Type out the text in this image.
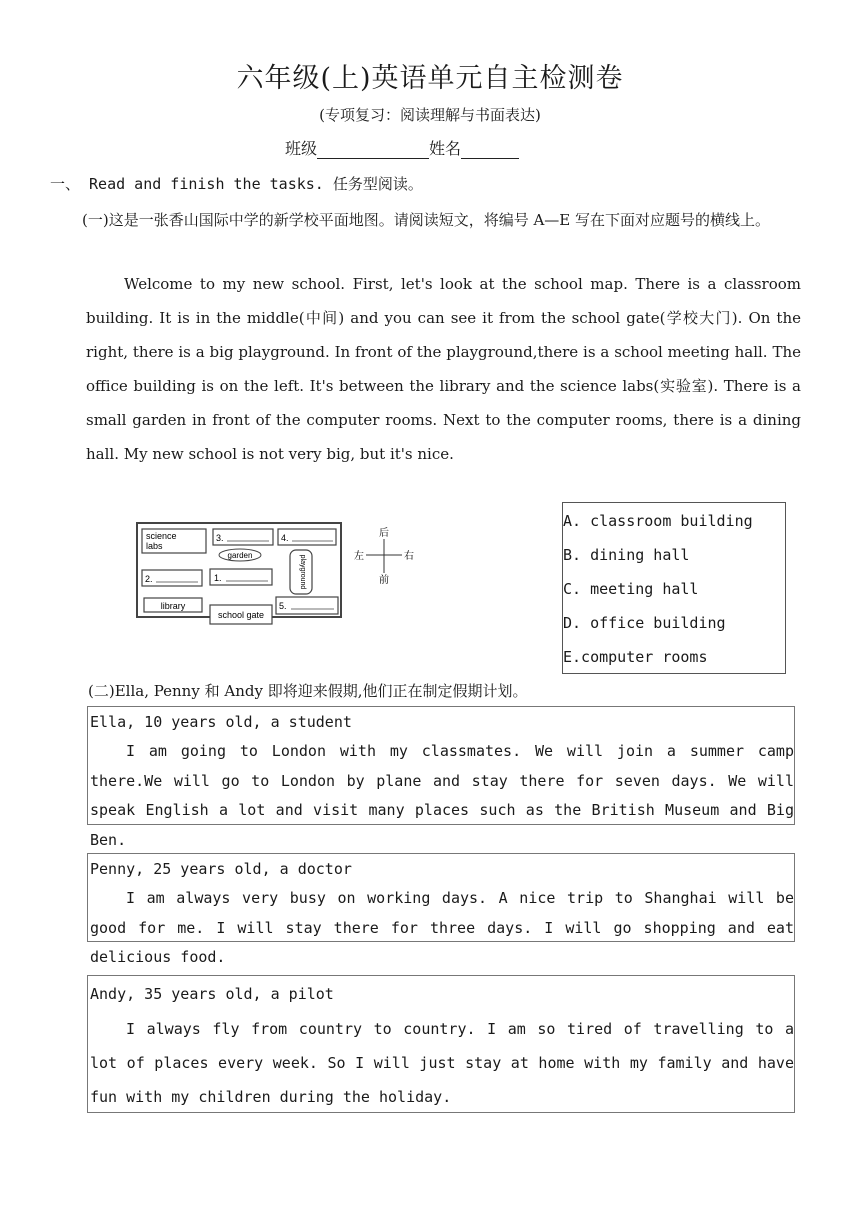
六年级(上)英语单元自主检测卷
(专项复习：阅读理解与书面表达)
班级	姓名
一、 Read and finish the tasks. 任务型阅读。
(一)这是一张香山国际中学的新学校平面地图。请阅读短文，将编号 A—E 写在下面对应题号的横线上。
Welcome to my new school. First, let's look at the school map. There is a classroom building. It is in the middle(中间) and you can see it from the school gate(学校大门). On the right, there is a big playground. In front of the playground,there is a school meeting hall. The office building is on the left. It's between the library and the science labs(实验室). There is a small garden in front of the computer rooms. Next to the computer rooms, there is a dining hall. My new school is not very big, but it's nice.
science
labs
3.
garden
4.
playground
2.	1.
library
school gate
5.
后
前
左	右
A. classroom building
B. dining hall
C. meeting hall
D. office building
E.computer rooms
(二)Ella, Penny 和 Andy 即将迎来假期,他们正在制定假期计划。
Ella, 10 years old, a student
I am going to London with my classmates. We will join a summer camp there.We will go to London by plane and stay there for seven days. We will speak English a lot and visit many places such as the British Museum and Big Ben.
Penny, 25 years old, a doctor
I am always very busy on working days. A nice trip to Shanghai will be good for me. I will stay there for three days. I will go shopping and eat delicious food.
Andy, 35 years old, a pilot
I always fly from country to country. I am so tired of travelling to a lot of places every week. So I will just stay at home with my family and have fun with my children during the holiday.
